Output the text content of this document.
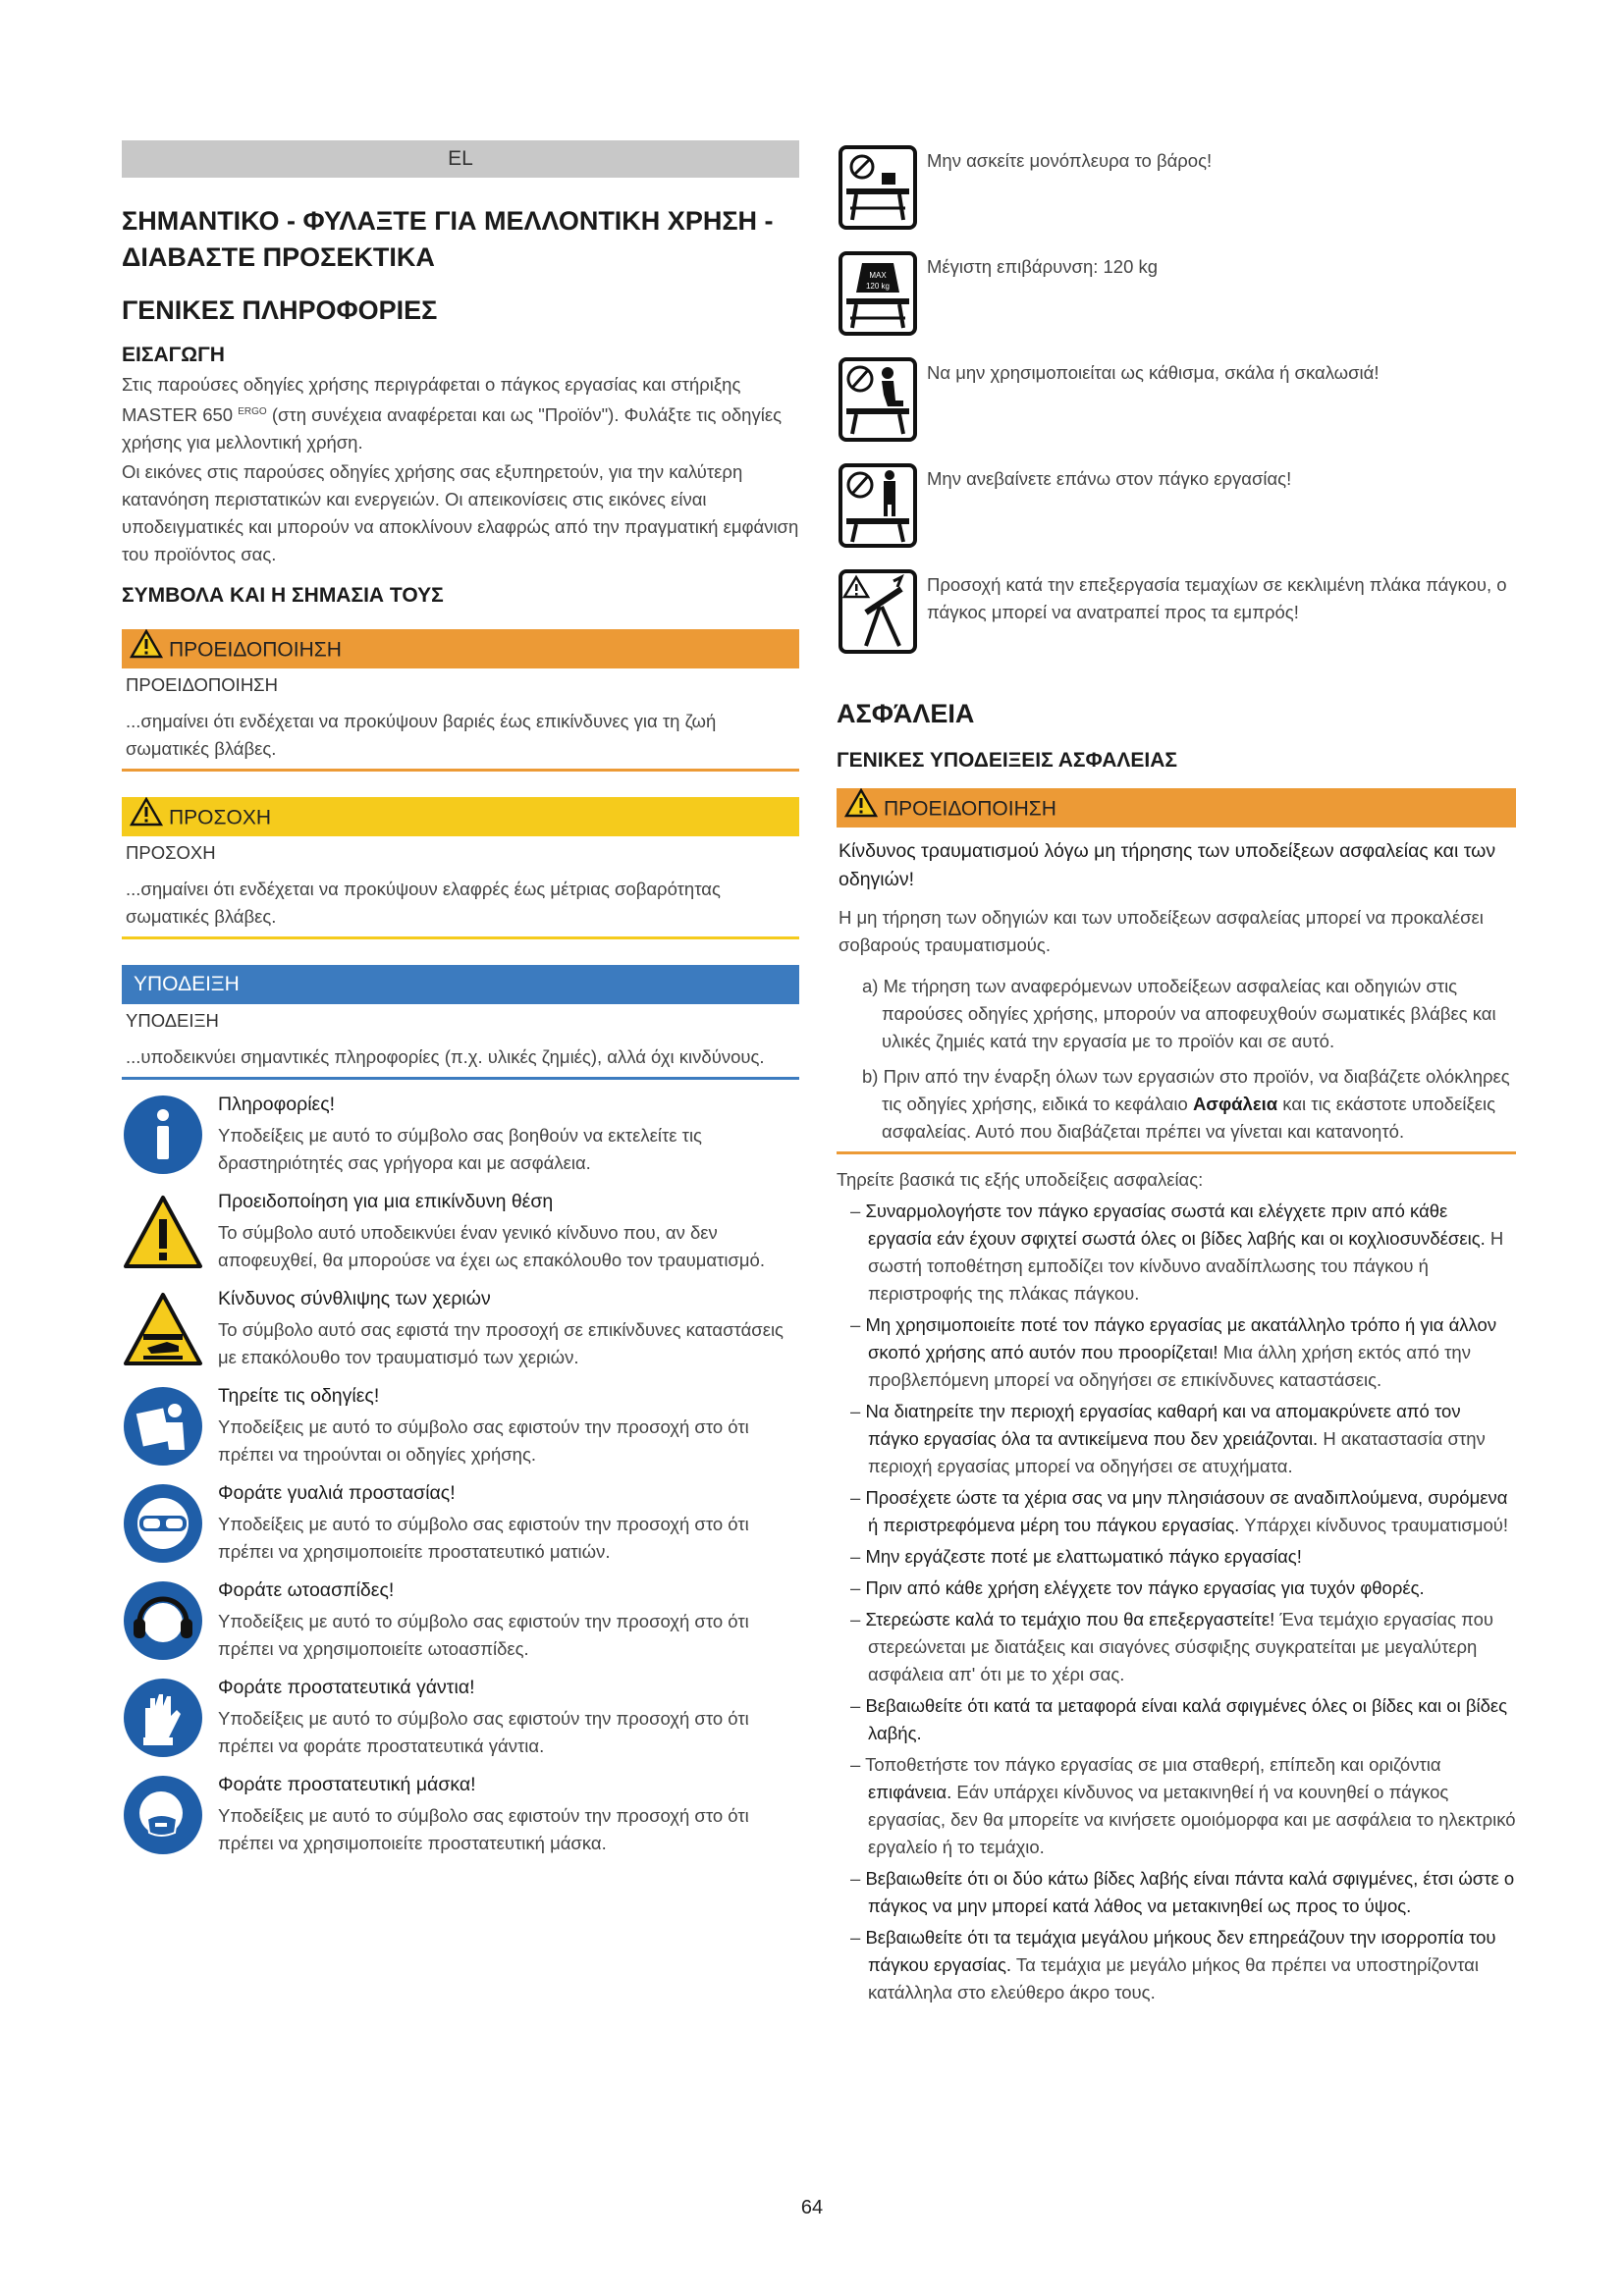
EL
ΣΗΜΑΝΤΙΚΟ - ΦΥΛΑΞΤΕ ΓΙΑ ΜΕΛΛΟΝΤΙΚΗ ΧΡΗΣΗ - ΔΙΑΒΑΣΤΕ ΠΡΟΣΕΚΤΙΚΑ
ΓΕΝΙΚΕΣ ΠΛΗΡΟΦΟΡΙΕΣ
ΕΙΣΑΓΩΓΗ

Στις παρούσες οδηγίες χρήσης περιγράφεται ο πάγκος εργασίας και στήριξης MASTER 650 $^{ERGO}$ (στη συνέχεια αναφέρεται και ως "Προϊόν"). Φυλάξτε τις οδηγίες χρήσης για μελλοντική χρήση.

Οι εικόνες στις παρούσες οδηγίες χρήσης σας εξυπηρετούν, για την καλύτερη κατανόηση περιστατικών και ενεργειών. Οι απεικονίσεις στις εικόνες είναι υποδειγματικές και μπορούν να αποκλίνουν ελαφρώς από την πραγματική εμφάνιση του προϊόντος σας.

ΣΥΜΒΟΛΑ ΚΑΙ Η ΣΗΜΑΣΙΑ ΤΟΥΣ
ΠΡΟΕΙΔΟΠΟΙΗΣΗ
ΠΡΟΕΙΔΟΠΟΙΗΣΗ
...σημαίνει ότι ενδέχεται να προκύψουν βαριές έως επικίνδυνες για τη ζωή σωματικές βλάβες.
ΠΡΟΣΟΧΗ
ΠΡΟΣΟΧΗ
...σημαίνει ότι ενδέχεται να προκύψουν ελαφρές έως μέτριας σοβαρότητας σωματικές βλάβες.
ΥΠΟΔΕΙΞΗ
ΥΠΟΔΕΙΞΗ
...υποδεικνύει σημαντικές πληροφορίες (π.χ. υλικές ζημιές), αλλά όχι κινδύνους.
Πληροφορίες!
Υποδείξεις με αυτό το σύμβολο σας βοηθούν να εκτελείτε τις δραστηριότητές σας γρήγορα και με ασφάλεια.
Προειδοποίηση για μια επικίνδυνη θέση
Το σύμβολο αυτό υποδεικνύει έναν γενικό κίνδυνο που, αν δεν αποφευχθεί, θα μπορούσε να έχει ως επακόλουθο τον τραυματισμό.
Κίνδυνος σύνθλιψης των χεριών
Το σύμβολο αυτό σας εφιστά την προσοχή σε επικίνδυνες καταστάσεις με επακόλουθο τον τραυματισμό των χεριών.
Τηρείτε τις οδηγίες!
Υποδείξεις με αυτό το σύμβολο σας εφιστούν την προσοχή στο ότι πρέπει να τηρούνται οι οδηγίες χρήσης.
Φοράτε γυαλιά προστασίας!
Υποδείξεις με αυτό το σύμβολο σας εφιστούν την προσοχή στο ότι πρέπει να χρησιμοποιείτε προστατευτικό ματιών.
Φοράτε ωτοασπίδες!
Υποδείξεις με αυτό το σύμβολο σας εφιστούν την προσοχή στο ότι πρέπει να χρησιμοποιείτε ωτοασπίδες.
Φοράτε προστατευτικά γάντια!
Υποδείξεις με αυτό το σύμβολο σας εφιστούν την προσοχή στο ότι πρέπει να φοράτε προστατευτικά γάντια.
Φοράτε προστατευτική μάσκα!
Υποδείξεις με αυτό το σύμβολο σας εφιστούν την προσοχή στο ότι πρέπει να χρησιμοποιείτε προστατευτική μάσκα.
Μην ασκείτε μονόπλευρα το βάρος!
MAX
120 kg
Μέγιστη επιβάρυνση: 120 kg
Να μην χρησιμοποιείται ως κάθισμα, σκάλα ή σκαλωσιά!
Μην ανεβαίνετε επάνω στον πάγκο εργασίας!
Προσοχή κατά την επεξεργασία τεμαχίων σε κεκλιμένη πλάκα πάγκου, ο πάγκος μπορεί να ανατραπεί προς τα εμπρός!
ΑΣΦΆΛΕΙΑ
ΓΕΝΙΚΕΣ ΥΠΟΔΕΙΞΕΙΣ ΑΣΦΑΛΕΙΑΣ
ΠΡΟΕΙΔΟΠΟΙΗΣΗ
Κίνδυνος τραυματισμού λόγω μη τήρησης των υποδείξεων ασφαλείας και των οδηγιών!

Η μη τήρηση των οδηγιών και των υποδείξεων ασφαλείας μπορεί να προκαλέσει σοβαρούς τραυματισμούς.

a) Με τήρηση των αναφερόμενων υποδείξεων ασφαλείας και οδηγιών στις παρούσες οδηγίες χρήσης, μπορούν να αποφευχθούν σωματικές βλάβες και υλικές ζημιές κατά την εργασία με το προϊόν και σε αυτό.
b) Πριν από την έναρξη όλων των εργασιών στο προϊόν, να διαβάζετε ολόκληρες τις οδηγίες χρήσης, ειδικά το κεφάλαιο Ασφάλεια και τις εκάστοτε υποδείξεις ασφαλείας. Αυτό που διαβάζεται πρέπει να γίνεται και κατανοητό.

Τηρείτε βασικά τις εξής υποδείξεις ασφαλείας:

– Συναρμολογήστε τον πάγκο εργασίας σωστά και ελέγχετε πριν από κάθε εργασία εάν έχουν σφιχτεί σωστά όλες οι βίδες λαβής και οι κοχλιοσυνδέσεις. Η σωστή τοποθέτηση εμποδίζει τον κίνδυνο αναδίπλωσης του πάγκου ή περιστροφής της πλάκας πάγκου.
– Μη χρησιμοποιείτε ποτέ τον πάγκο εργασίας με ακατάλληλο τρόπο ή για άλλον σκοπό χρήσης από αυτόν που προορίζεται! Μια άλλη χρήση εκτός από την προβλεπόμενη μπορεί να οδηγήσει σε επικίνδυνες καταστάσεις.
– Να διατηρείτε την περιοχή εργασίας καθαρή και να απομακρύνετε από τον πάγκο εργασίας όλα τα αντικείμενα που δεν χρειάζονται. Η ακαταστασία στην περιοχή εργασίας μπορεί να οδηγήσει σε ατυχήματα.
– Προσέχετε ώστε τα χέρια σας να μην πλησιάσουν σε αναδιπλούμενα, συρόμενα ή περιστρεφόμενα μέρη του πάγκου εργασίας. Υπάρχει κίνδυνος τραυματισμού!
– Μην εργάζεστε ποτέ με ελαττωματικό πάγκο εργασίας!
– Πριν από κάθε χρήση ελέγχετε τον πάγκο εργασίας για τυχόν φθορές.
– Στερεώστε καλά το τεμάχιο που θα επεξεργαστείτε! Ένα τεμάχιο εργασίας που στερεώνεται με διατάξεις και σιαγόνες σύσφιξης συγκρατείται με μεγαλύτερη ασφάλεια απ' ότι με το χέρι σας.
– Βεβαιωθείτε ότι κατά τα μεταφορά είναι καλά σφιγμένες όλες οι βίδες και οι βίδες λαβής.
– Τοποθετήστε τον πάγκο εργασίας σε μια σταθερή, επίπεδη και οριζόντια επιφάνεια. Εάν υπάρχει κίνδυνος να μετακινηθεί ή να κουνηθεί ο πάγκος εργασίας, δεν θα μπορείτε να κινήσετε ομοιόμορφα και με ασφάλεια το ηλεκτρικό εργαλείο ή το τεμάχιο.
– Βεβαιωθείτε ότι οι δύο κάτω βίδες λαβής είναι πάντα καλά σφιγμένες, έτσι ώστε ο πάγκος να μην μπορεί κατά λάθος να μετακινηθεί ως προς το ύψος.
– Βεβαιωθείτε ότι τα τεμάχια μεγάλου μήκους δεν επηρεάζουν την ισορροπία του πάγκου εργασίας. Τα τεμάχια με μεγάλο μήκος θα πρέπει να υποστηρίζονται κατάλληλα στο ελεύθερο άκρο τους.
64
